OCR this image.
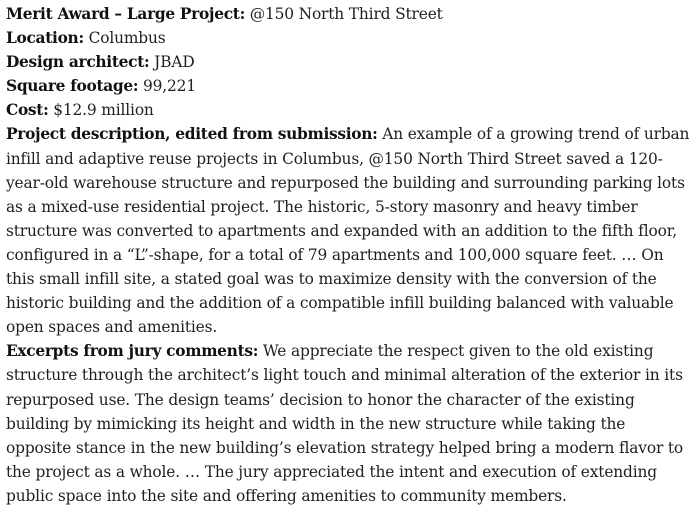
Merit Award – Large Project: @150 North Third Street

Location: Columbus

Design architect: JBAD

Square footage: 99,221

Cost: $12.9 million

Project description, edited from submission: An example of a growing trend of urban infill and adaptive reuse projects in Columbus, @150 North Third Street saved a 120-year-old warehouse structure and repurposed the building and surrounding parking lots as a mixed-use residential project. The historic, 5-story masonry and heavy timber structure was converted to apartments and expanded with an addition to the fifth floor, configured in a “L”-shape, for a total of 79 apartments and 100,000 square feet. … On this small infill site, a stated goal was to maximize density with the conversion of the historic building and the addition of a compatible infill building balanced with valuable open spaces and amenities.

Excerpts from jury comments: We appreciate the respect given to the old existing structure through the architect’s light touch and minimal alteration of the exterior in its repurposed use. The design teams’ decision to honor the character of the existing building by mimicking its height and width in the new structure while taking the opposite stance in the new building’s elevation strategy helped bring a modern flavor to the project as a whole. … The jury appreciated the intent and execution of extending public space into the site and offering amenities to community members.
